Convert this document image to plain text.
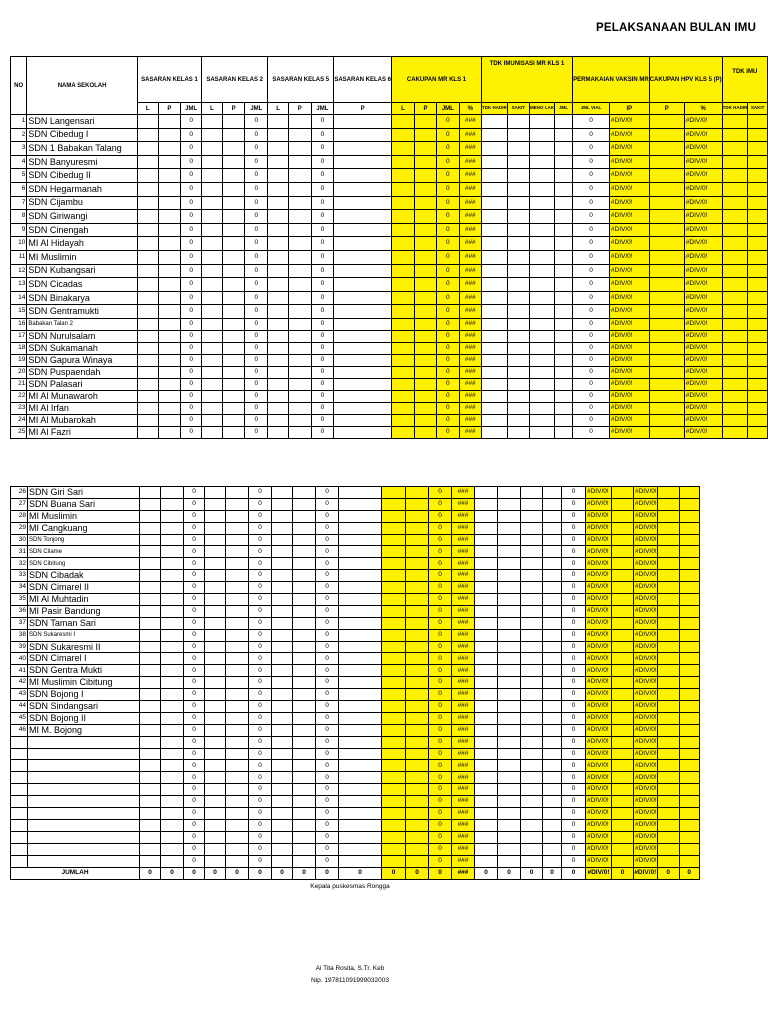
PELAKSANAAN BULAN IMU
NO	NAMA SEKOLAH	SASARAN KELAS 1			SASARAN KELAS 2			SASARAN KELAS 5			SASARAN KELAS 6	CAKUPAN MR KLS 1				TDK IMUNISASI MR KLS 1				PERMAKAIAN VAKSIN MR		CAKUPAN HPV KLS 5 (P)		TDK IMU	
		L	P	JML	L	P	JML	L	P	JML	P	L	P	JML	%	TDK HADIR	SAKIT	MENO LAK	JML	JML VIAL	IP	P	%	TDK HADIR	SAKIT
1	SDN Langensari			0			0			0				0	###					0	#DIV/0!		#DIV/0!		
2	SDN Cibedug I			0			0			0				0	###					0	#DIV/0!		#DIV/0!		
3	SDN 1 Babakan Talang			0			0			0				0	###					0	#DIV/0!		#DIV/0!		
4	SDN Banyuresmi			0			0			0				0	###					0	#DIV/0!		#DIV/0!		
5	SDN Cibedug II			0			0			0				0	###					0	#DIV/0!		#DIV/0!		
6	SDN Hegarmanah			0			0			0				0	###					0	#DIV/0!		#DIV/0!		
7	SDN Cijambu			0			0			0				0	###					0	#DIV/0!		#DIV/0!		
8	SDN Giriwangi			0			0			0				0	###					0	#DIV/0!		#DIV/0!		
9	SDN Cinengah			0			0			0				0	###					0	#DIV/0!		#DIV/0!		
10	MI Al Hidayah			0			0			0				0	###					0	#DIV/0!		#DIV/0!		
11	MI Muslimin			0			0			0				0	###					0	#DIV/0!		#DIV/0!		
12	SDN Kubangsari			0			0			0				0	###					0	#DIV/0!		#DIV/0!		
13	SDN Cicadas			0			0			0				0	###					0	#DIV/0!		#DIV/0!		
14	SDN Binakarya			0			0			0				0	###					0	#DIV/0!		#DIV/0!		
15	SDN Gentramukti			0			0			0				0	###					0	#DIV/0!		#DIV/0!		
16	Babakan Talan 2			0			0			0				0	###					0	#DIV/0!		#DIV/0!		
17	SDN Nurulsalam			0			0			0				0	###					0	#DIV/0!		#DIV/0!		
18	SDN Sukamanah			0			0			0				0	###					0	#DIV/0!		#DIV/0!		
19	SDN Gapura Winaya			0			0			0				0	###					0	#DIV/0!		#DIV/0!		
20	SDN Puspaendah			0			0			0				0	###					0	#DIV/0!		#DIV/0!		
21	SDN Palasari			0			0			0				0	###					0	#DIV/0!		#DIV/0!		
22	MI Al Munawaroh			0			0			0				0	###					0	#DIV/0!		#DIV/0!		
23	MI Al Irfan			0			0			0				0	###					0	#DIV/0!		#DIV/0!		
24	MI Al Mubarokah			0			0			0				0	###					0	#DIV/0!		#DIV/0!		
25	MI Al Fazri			0			0			0				0	###					0	#DIV/0!		#DIV/0!		
26	SDN Giri Sari			0			0			0				0	###					0	#DIV/0!		#DIV/0!		
27	SDN Buana Sari			0			0			0				0	###					0	#DIV/0!		#DIV/0!		
28	MI Muslimin			0			0			0				0	###					0	#DIV/0!		#DIV/0!		
29	MI Cangkuang			0			0			0				0	###					0	#DIV/0!		#DIV/0!		
30	SDN Tonjong			0			0			0				0	###					0	#DIV/0!		#DIV/0!		
31	SDN Cilame			0			0			0				0	###					0	#DIV/0!		#DIV/0!		
32	SDN Cibitung			0			0			0				0	###					0	#DIV/0!		#DIV/0!		
33	SDN Cibadak			0			0			0				0	###					0	#DIV/0!		#DIV/0!		
34	SDN Cimarel II			0			0			0				0	###					0	#DIV/0!		#DIV/0!		
35	MI Al Muhtadin			0			0			0				0	###					0	#DIV/0!		#DIV/0!		
36	MI Pasir Bandung			0			0			0				0	###					0	#DIV/0!		#DIV/0!		
37	SDN Taman Sari			0			0			0				0	###					0	#DIV/0!		#DIV/0!		
38	SDN Sukaresmi I			0			0			0				0	###					0	#DIV/0!		#DIV/0!		
39	SDN Sukaresmi II			0			0			0				0	###					0	#DIV/0!		#DIV/0!		
40	SDN Cimarel I			0			0			0				0	###					0	#DIV/0!		#DIV/0!		
41	SDN Gentra Mukti			0			0			0				0	###					0	#DIV/0!		#DIV/0!		
42	MI Muslimin Cibitung			0			0			0				0	###					0	#DIV/0!		#DIV/0!		
43	SDN Bojong I			0			0			0				0	###					0	#DIV/0!		#DIV/0!		
44	SDN Sindangsari			0			0			0				0	###					0	#DIV/0!		#DIV/0!		
45	SDN Bojong II			0			0			0				0	###					0	#DIV/0!		#DIV/0!		
46	MI M. Bojong			0			0			0				0	###					0	#DIV/0!		#DIV/0!		
				0			0			0				0	###					0	#DIV/0!		#DIV/0!		
				0			0			0				0	###					0	#DIV/0!		#DIV/0!		
				0			0			0				0	###					0	#DIV/0!		#DIV/0!		
				0			0			0				0	###					0	#DIV/0!		#DIV/0!		
				0			0			0				0	###					0	#DIV/0!		#DIV/0!		
				0			0			0				0	###					0	#DIV/0!		#DIV/0!		
				0			0			0				0	###					0	#DIV/0!		#DIV/0!		
				0			0			0				0	###					0	#DIV/0!		#DIV/0!		
				0			0			0				0	###					0	#DIV/0!		#DIV/0!		
				0			0			0				0	###					0	#DIV/0!		#DIV/0!		
				0			0			0				0	###					0	#DIV/0!		#DIV/0!		
JUMLAH		0	0	0	0	0	0	0	0	0	0	0	0	0	###	0	0	0	0	0	#DIV/0!	0	#DIV/0!	0	0
Kepala puskesmas Rongga
Ai Tita Rosita, S.Tr. Keb
Nip. 197811091999032003
